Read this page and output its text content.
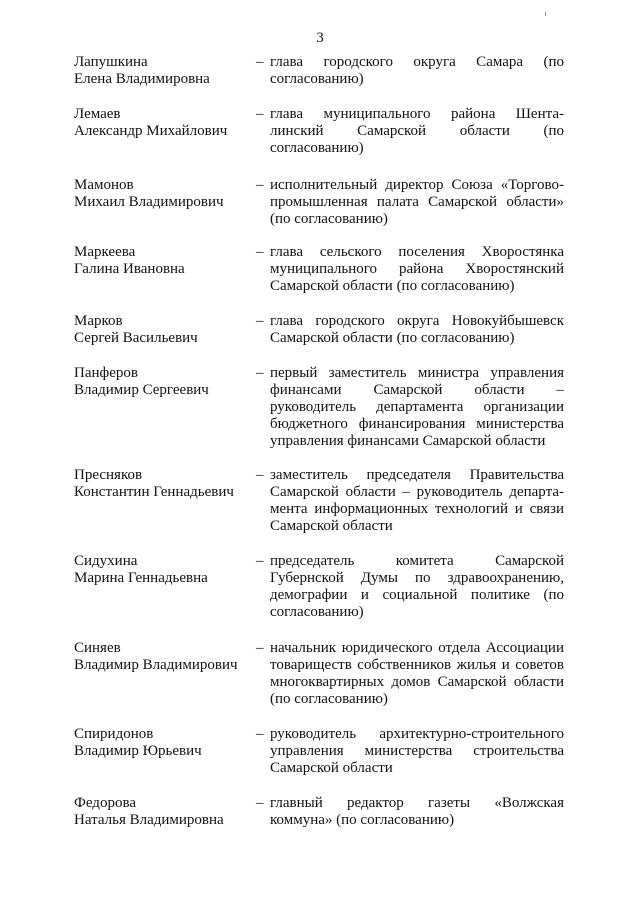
3
Лапушкина
Елена Владимировна
– глава городского округа Самара (по согласованию)
Лемаев
Александр Михайлович
– глава муниципального района Шента-линский Самарской области (по согласованию)
Мамонов
Михаил Владимирович
– исполнительный директор Союза «Торгово-промышленная палата Самарской области» (по согласованию)
Маркеева
Галина Ивановна
– глава сельского поселения Хворостянка муниципального района Хворостянский Самарской области (по согласованию)
Марков
Сергей Васильевич
– глава городского округа Новокуйбышевск Самарской области (по согласованию)
Панферов
Владимир Сергеевич
– первый заместитель министра управления финансами Самарской области – руководитель департамента организации бюджетного финансирования министерства управления финансами Самарской области
Пресняков
Константин Геннадьевич
– заместитель председателя Правительства Самарской области – руководитель департа-мента информационных технологий и связи Самарской области
Сидухина
Марина Геннадьевна
– председатель комитета Самарской Губернской Думы по здравоохранению, демографии и социальной политике (по согласованию)
Синяев
Владимир Владимирович
– начальник юридического отдела Ассоциации товариществ собственников жилья и советов многоквартирных домов Самарской области (по согласованию)
Спиридонов
Владимир Юрьевич
– руководитель архитектурно-строительного управления министерства строительства Самарской области
Федорова
Наталья Владимировна
– главный редактор газеты «Волжская коммуна» (по согласованию)
